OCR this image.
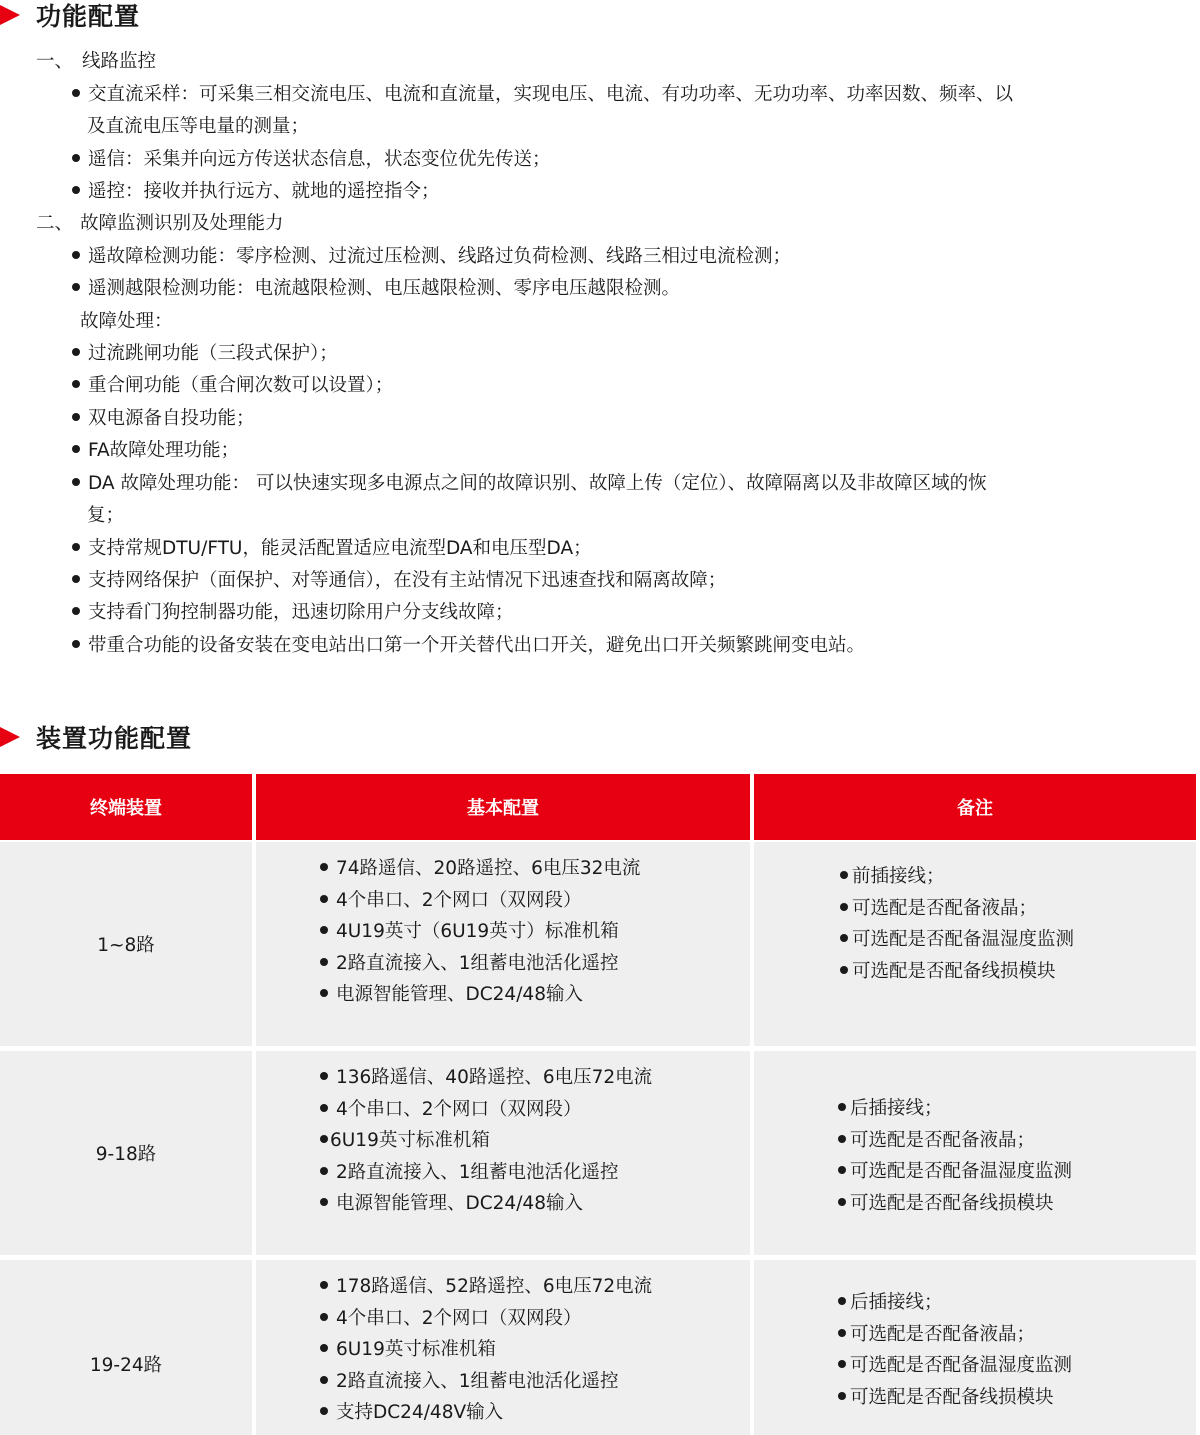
功能配置
一、 线路监控
交直流采样：可采集三相交流电压、电流和直流量，实现电压、电流、有功功率、无功功率、功率因数、频率、以
及直流电压等电量的测量；
遥信：采集并向远方传送状态信息，状态变位优先传送；
遥控：接收并执行远方、就地的遥控指令；
二、 故障监测识别及处理能力
遥故障检测功能：零序检测、过流过压检测、线路过负荷检测、线路三相过电流检测；
遥测越限检测功能：电流越限检测、电压越限检测、零序电压越限检测。
故障处理：
过流跳闸功能（三段式保护）；
重合闸功能（重合闸次数可以设置）；
双电源备自投功能；
FA故障处理功能；
DA 故障处理功能： 可以快速实现多电源点之间的故障识别、故障上传（定位）、故障隔离以及非故障区域的恢
复；
支持常规DTU/FTU，能灵活配置适应电流型DA和电压型DA；
支持网络保护（面保护、对等通信），在没有主站情况下迅速查找和隔离故障；
支持看门狗控制器功能，迅速切除用户分支线故障；
带重合功能的设备安装在变电站出口第一个开关替代出口开关，避免出口开关频繁跳闸变电站。
装置功能配置
终端装置	基本配置	备注
1~8路
74路遥信、20路遥控、6电压32电流
4个串口、2个网口（双网段）
4U19英寸（6U19英寸）标准机箱
2路直流接入、1组蓄电池活化遥控
电源智能管理、DC24/48输入
前插接线；
可选配是否配备液晶；
可选配是否配备温湿度监测
可选配是否配备线损模块
9-18路
136路遥信、40路遥控、6电压72电流
4个串口、2个网口（双网段）
6U19英寸标准机箱
2路直流接入、1组蓄电池活化遥控
电源智能管理、DC24/48输入
后插接线；
可选配是否配备液晶；
可选配是否配备温湿度监测
可选配是否配备线损模块
19-24路
178路遥信、52路遥控、6电压72电流
4个串口、2个网口（双网段）
6U19英寸标准机箱
2路直流接入、1组蓄电池活化遥控
支持DC24/48V输入
后插接线；
可选配是否配备液晶；
可选配是否配备温湿度监测
可选配是否配备线损模块
